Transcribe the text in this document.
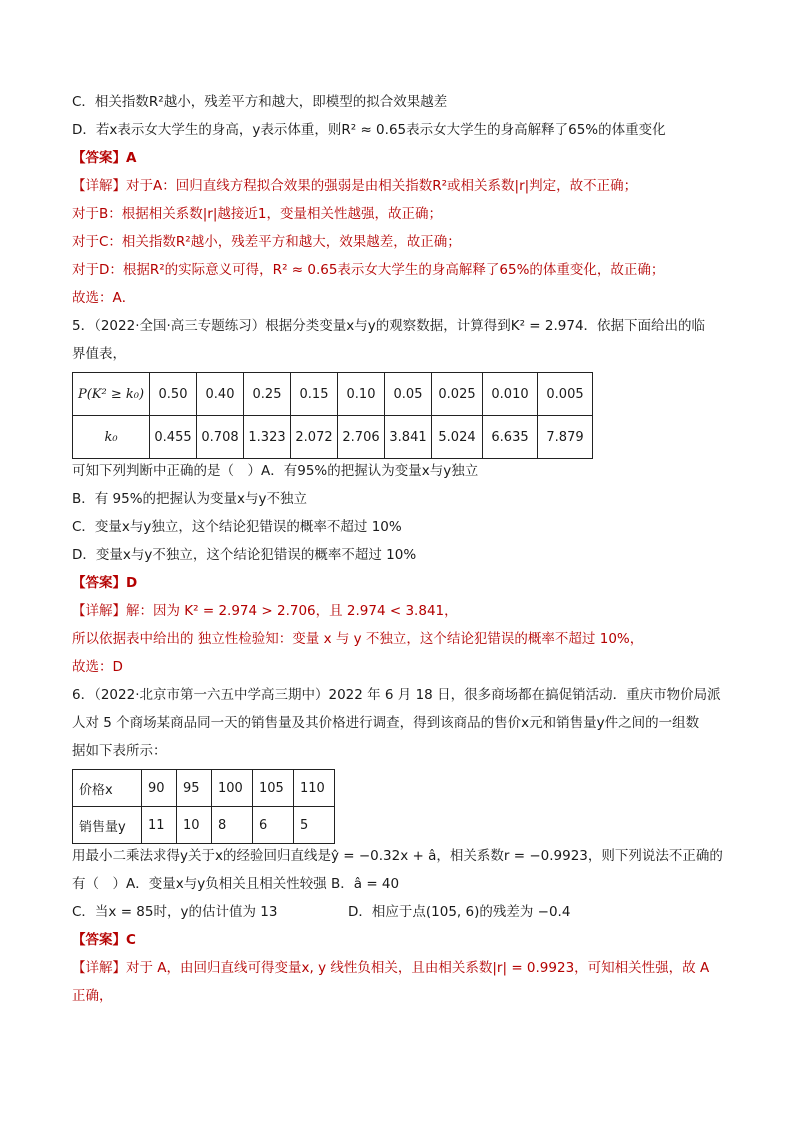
C．相关指数R²越小，残差平方和越大，即模型的拟合效果越差
D．若x表示女大学生的身高，y表示体重，则R² ≈ 0.65表示女大学生的身高解释了65%的体重变化
【答案】A
【详解】对于A：回归直线方程拟合效果的强弱是由相关指数R²或相关系数|r|判定，故不正确；
对于B：根据相关系数|r|越接近1，变量相关性越强，故正确；
对于C：相关指数R²越小，残差平方和越大，效果越差，故正确；
对于D：根据R²的实际意义可得，R² ≈ 0.65表示女大学生的身高解释了65%的体重变化，故正确；
故选：A．
5．（2022·全国·高三专题练习）根据分类变量x与y的观察数据，计算得到K² = 2.974．依据下面给出的临
界值表，
P(K² ≥ k₀)	0.50	0.40	0.25	0.15	0.10	0.05	0.025	0.010	0.005
k₀	0.455	0.708	1.323	2.072	2.706	3.841	5.024	6.635	7.879
可知下列判断中正确的是（　）A．有95%的把握认为变量x与y独立
B．有 95%的把握认为变量x与y不独立
C．变量x与y独立，这个结论犯错误的概率不超过 10%
D．变量x与y不独立，这个结论犯错误的概率不超过 10%
【答案】D
【详解】解：因为 K² = 2.974 > 2.706，且 2.974 < 3.841，
所以依据表中给出的 独立性检验知：变量 x 与 y 不独立，这个结论犯错误的概率不超过 10%，
故选：D
6．（2022·北京市第一六五中学高三期中）2022 年 6 月 18 日，很多商场都在搞促销活动．重庆市物价局派
人对 5 个商场某商品同一天的销售量及其价格进行调查，得到该商品的售价x元和销售量y件之间的一组数
据如下表所示：
价格x	90	95	100	105	110
销售量y	11	10	8	6	5
用最小二乘法求得y关于x的经验回归直线是ŷ = −0.32x + â，相关系数r = −0.9923，则下列说法不正确的
有（　）A．变量x与y负相关且相关性较强 B．â = 40
C．当x = 85时，y的估计值为 13	D．相应于点(105, 6)的残差为 −0.4
【答案】C
【详解】对于 A，由回归直线可得变量x, y 线性负相关，且由相关系数|r| = 0.9923，可知相关性强，故 A
正确，
